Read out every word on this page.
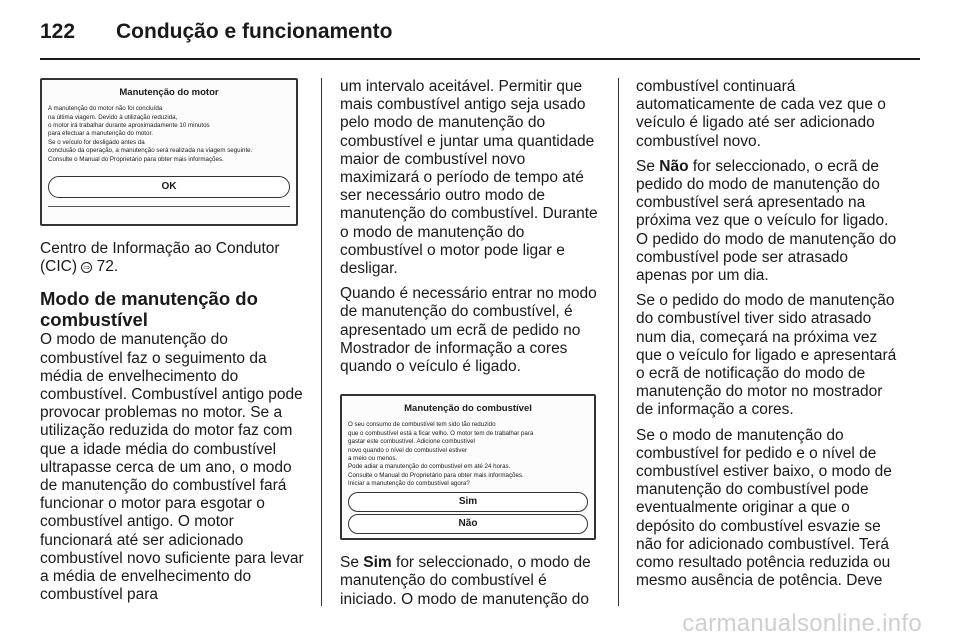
122 Condução e funcionamento
Manutenção do motor
A manutenção do motor não foi concluída
na última viagem. Devido à utilização reduzida,
o motor irá trabalhar durante aproximadamente 10 minutos
para efectuar a manutenção do motor.
Se o veículo for desligado antes da
conclusão da operação, a manutenção será realizada na viagem seguinte.
Consulte o Manual do Proprietário para obter mais informações.
OK

Centro de Informação ao Condutor (CIC) ⇨ 72.

Modo de manutenção do combustível

O modo de manutenção do combustível faz o seguimento da média de envelhecimento do combustível. Combustível antigo pode provocar problemas no motor. Se a utilização reduzida do motor faz com que a idade média do combustível ultrapasse cerca de um ano, o modo de manutenção do combustível fará funcionar o motor para esgotar o combustível antigo. O motor funcionará até ser adicionado combustível novo suficiente para levar a média de envelhecimento do combustível para

um intervalo aceitável. Permitir que mais combustível antigo seja usado pelo modo de manutenção do combustível e juntar uma quantidade maior de combustível novo maximizará o período de tempo até ser necessário outro modo de manutenção do combustível. Durante o modo de manutenção do combustível o motor pode ligar e desligar.

Quando é necessário entrar no modo de manutenção do combustível, é apresentado um ecrã de pedido no Mostrador de informação a cores quando o veículo é ligado.

Manutenção do combustível
O seu consumo de combustível tem sido tão reduzido
que o combustível está a ficar velho. O motor tem de trabalhar para
gastar este combustível. Adicione combustível
novo quando o nível do combustível estiver
a meio ou menos.
Pode adiar a manutenção do combustível em até 24 horas.
Consulte o Manual do Proprietário para obter mais informações.
Iniciar a manutenção do combustível agora?
Sim
Não

Se Sim for seleccionado, o modo de manutenção do combustível é iniciado. O modo de manutenção do

combustível continuará automaticamente de cada vez que o veículo é ligado até ser adicionado combustível novo.

Se Não for seleccionado, o ecrã de pedido do modo de manutenção do combustível será apresentado na próxima vez que o veículo for ligado. O pedido do modo de manutenção do combustível pode ser atrasado apenas por um dia.

Se o pedido do modo de manutenção do combustível tiver sido atrasado num dia, começará na próxima vez que o veículo for ligado e apresentará o ecrã de notificação do modo de manutenção do motor no mostrador de informação a cores.

Se o modo de manutenção do combustível for pedido e o nível de combustível estiver baixo, o modo de manutenção do combustível pode eventualmente originar a que o depósito do combustível esvazie se não for adicionado combustível. Terá como resultado potência reduzida ou mesmo ausência de potência. Deve

carmanualsonline.info
